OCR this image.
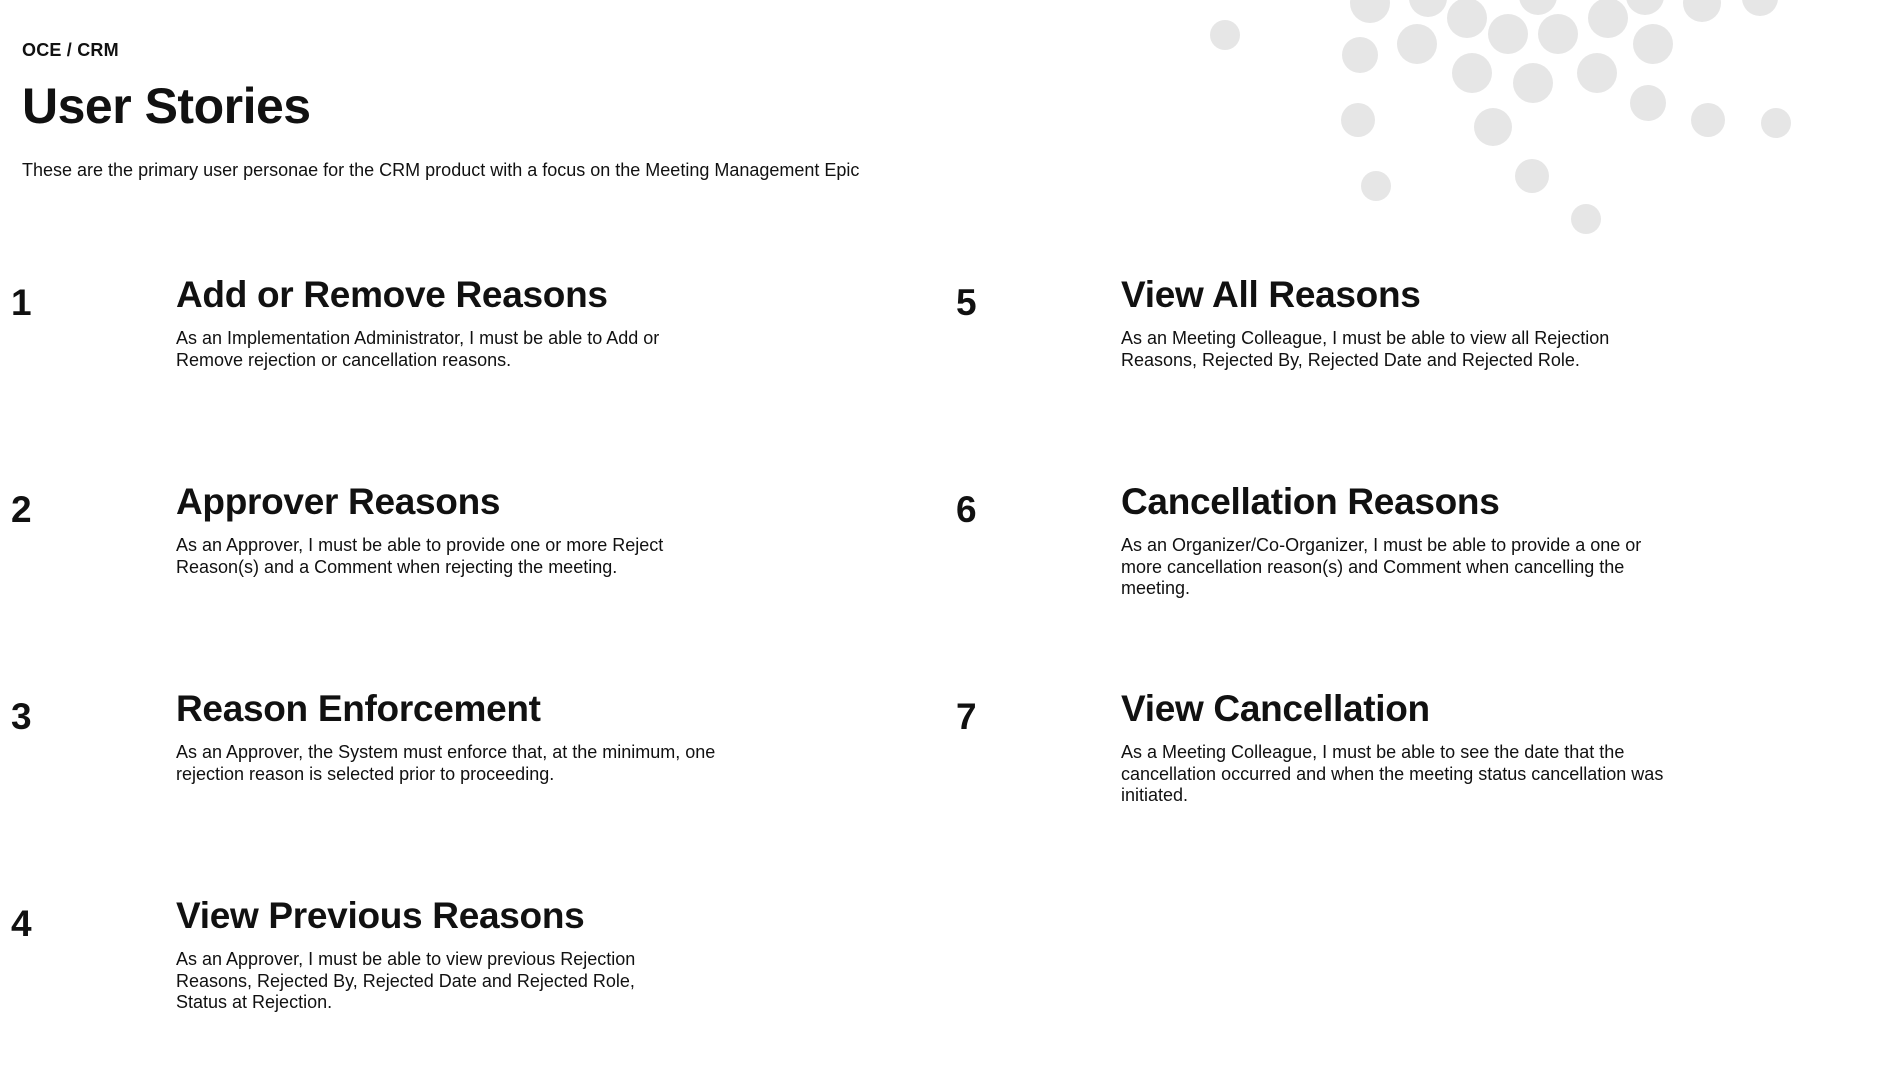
OCE / CRM
User Stories
These are the primary user personae for the CRM product with a focus on the Meeting Management Epic
1	Add or Remove Reasons
As an Implementation Administrator, I must be able to Add or Remove rejection or cancellation reasons.
2	Approver Reasons
As an Approver, I must be able to provide one or more Reject Reason(s) and a Comment when rejecting the meeting.
3	Reason Enforcement
As an Approver, the System must enforce that, at the minimum, one rejection reason is selected prior to proceeding.
4	View Previous Reasons
As an Approver, I must be able to view previous Rejection Reasons, Rejected By, Rejected Date and Rejected Role, Status at Rejection.
5	View All Reasons
As an Meeting Colleague, I must be able to view all Rejection Reasons, Rejected By, Rejected Date and Rejected Role.
6	Cancellation Reasons
As an Organizer/Co-Organizer, I must be able to provide a one or more cancellation reason(s) and Comment when cancelling the meeting.
7	View Cancellation
As a Meeting Colleague, I must be able to see the date that the cancellation occurred and when the meeting status cancellation was initiated.
